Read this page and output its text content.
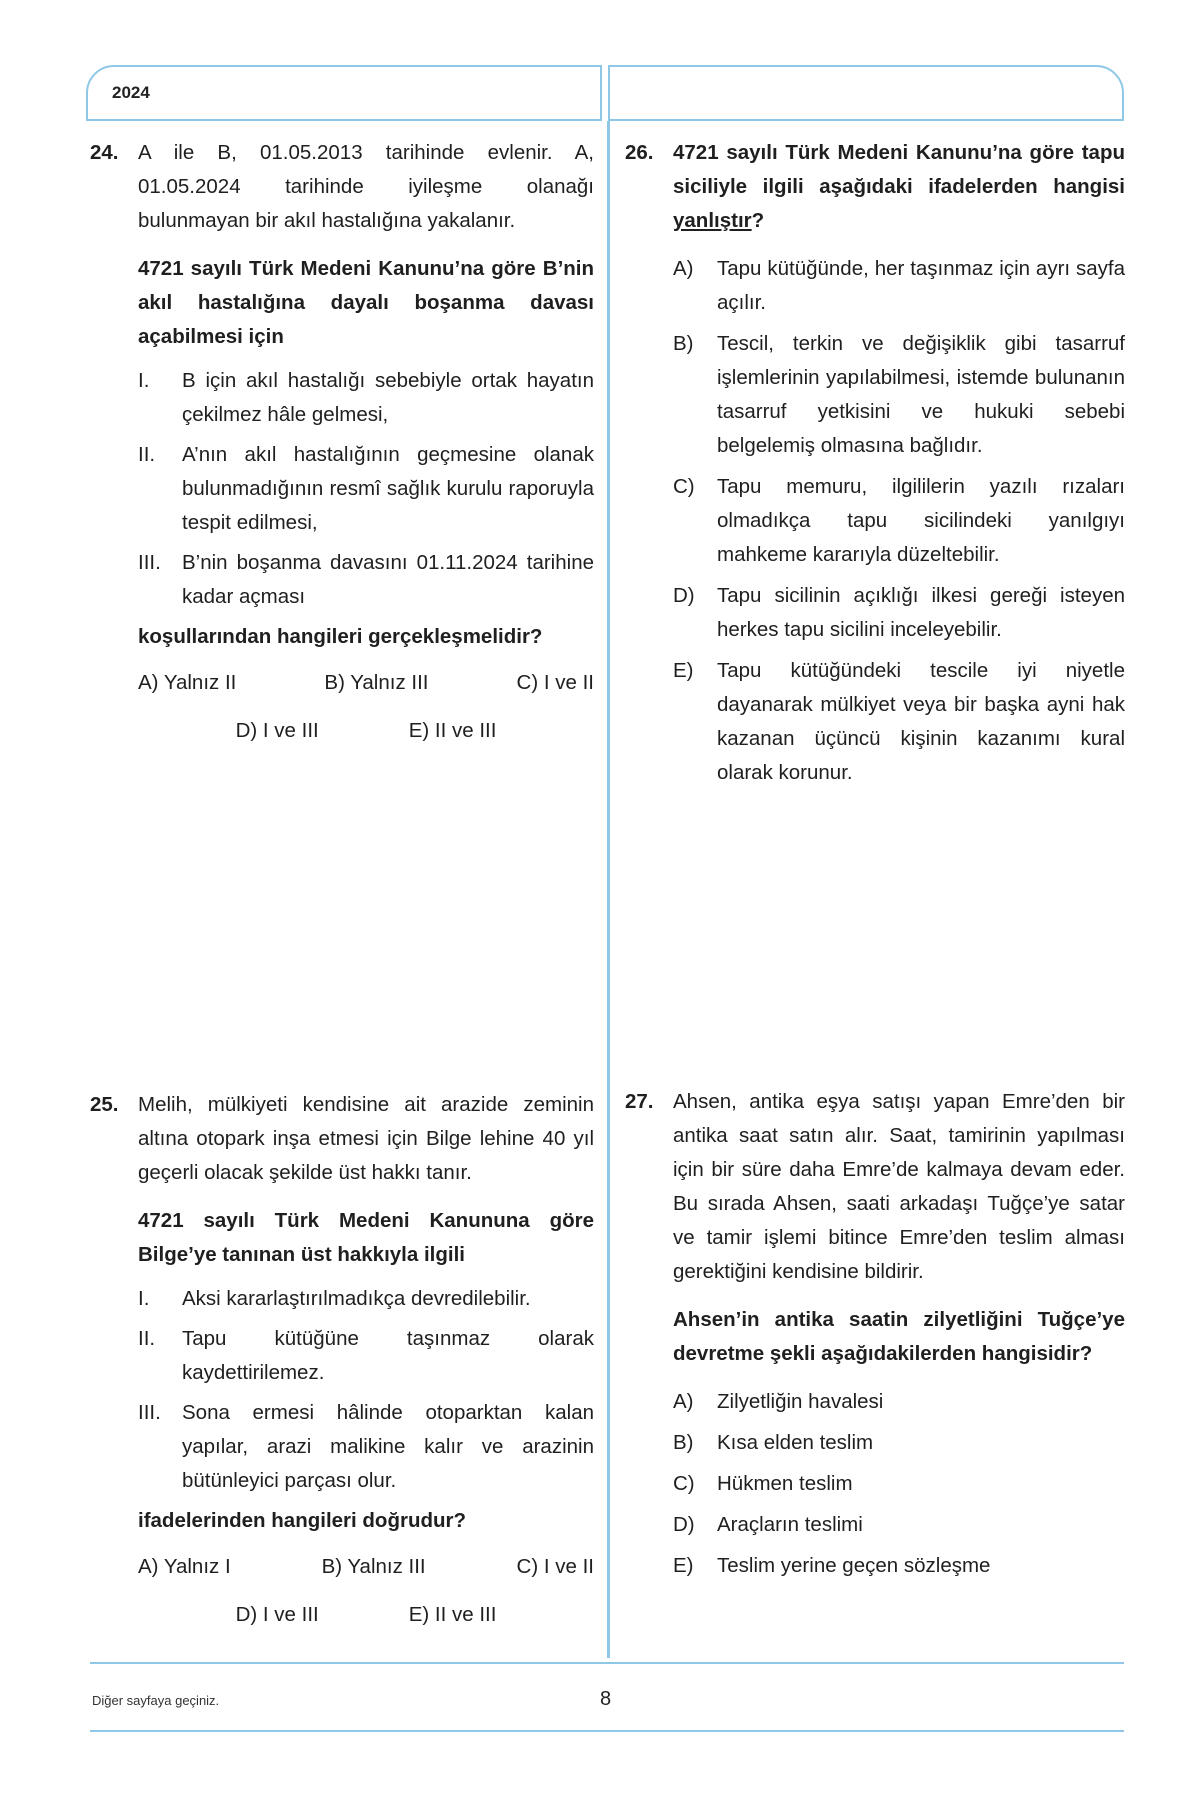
2024
24. A ile B, 01.05.2013 tarihinde evlenir. A, 01.05.2024 tarihinde iyileşme olanağı bulunmayan bir akıl hastalığına yakalanır.

4721 sayılı Türk Medeni Kanunu’na göre B’nin akıl hastalığına dayalı boşanma davası açabilmesi için

I. B için akıl hastalığı sebebiyle ortak hayatın çekilmez hâle gelmesi,
II. A’nın akıl hastalığının geçmesine olanak bulunmadığının resmî sağlık kurulu raporuyla tespit edilmesi,
III. B’nin boşanma davasını 01.11.2024 tarihine kadar açması

koşullarından hangileri gerçekleşmelidir?

A) Yalnız II	B) Yalnız III	C) I ve II
D) I ve III	E) II ve III
25. Melih, mülkiyeti kendisine ait arazide zeminin altına otopark inşa etmesi için Bilge lehine 40 yıl geçerli olacak şekilde üst hakkı tanır.

4721 sayılı Türk Medeni Kanununa göre Bilge’ye tanınan üst hakkıyla ilgili

I. Aksi kararlaştırılmadıkça devredilebilir.
II. Tapu kütüğüne taşınmaz olarak kaydettirilemez.
III. Sona ermesi hâlinde otoparktan kalan yapılar, arazi malikine kalır ve arazinin bütünleyici parçası olur.

ifadelerinden hangileri doğrudur?

A) Yalnız I	B) Yalnız III	C) I ve II
D) I ve III	E) II ve III
26. 4721 sayılı Türk Medeni Kanunu’na göre tapu siciliyle ilgili aşağıdaki ifadelerden hangisi yanlıştır?

A) Tapu kütüğünde, her taşınmaz için ayrı sayfa açılır.
B) Tescil, terkin ve değişiklik gibi tasarruf işlemlerinin yapılabilmesi, istemde bulunanın tasarruf yetkisini ve hukuki sebebi belgelemiş olmasına bağlıdır.
C) Tapu memuru, ilgililerin yazılı rızaları olmadıkça tapu sicilindeki yanılgıyı mahkeme kararıyla düzeltebilir.
D) Tapu sicilinin açıklığı ilkesi gereği isteyen herkes tapu sicilini inceleyebilir.
E) Tapu kütüğündeki tescile iyi niyetle dayanarak mülkiyet veya bir başka ayni hak kazanan üçüncü kişinin kazanımı kural olarak korunur.
27. Ahsen, antika eşya satışı yapan Emre’den bir antika saat satın alır. Saat, tamirinin yapılması için bir süre daha Emre’de kalmaya devam eder. Bu sırada Ahsen, saati arkadaşı Tuğçe’ye satar ve tamir işlemi bitince Emre’den teslim alması gerektiğini kendisine bildirir.

Ahsen’in antika saatin zilyetliğini Tuğçe’ye devretme şekli aşağıdakilerden hangisidir?

A) Zilyetliğin havalesi
B) Kısa elden teslim
C) Hükmen teslim
D) Araçların teslimi
E) Teslim yerine geçen sözleşme
Diğer sayfaya geçiniz.	8
